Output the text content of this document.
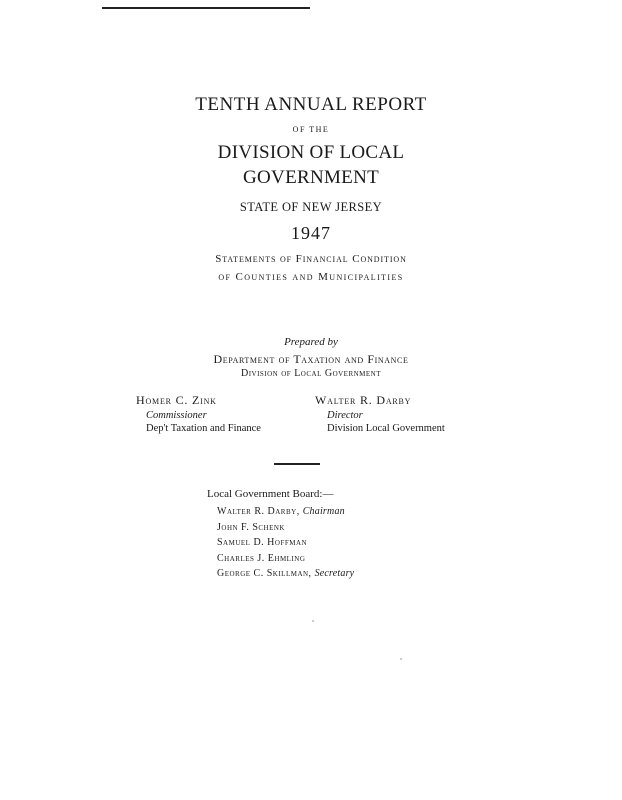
TENTH ANNUAL REPORT
OF THE
DIVISION OF LOCAL
GOVERNMENT
STATE OF NEW JERSEY
1947
Statements of Financial Condition
of Counties and Municipalities
Prepared by
Department of Taxation and Finance
Division of Local Government
Homer C. Zink
Commissioner
Dep't Taxation and Finance
Walter R. Darby
Director
Division Local Government
Local Government Board:—
Walter R. Darby, Chairman
John F. Schenk
Samuel D. Hoffman
Charles J. Ehmling
George C. Skillman, Secretary
